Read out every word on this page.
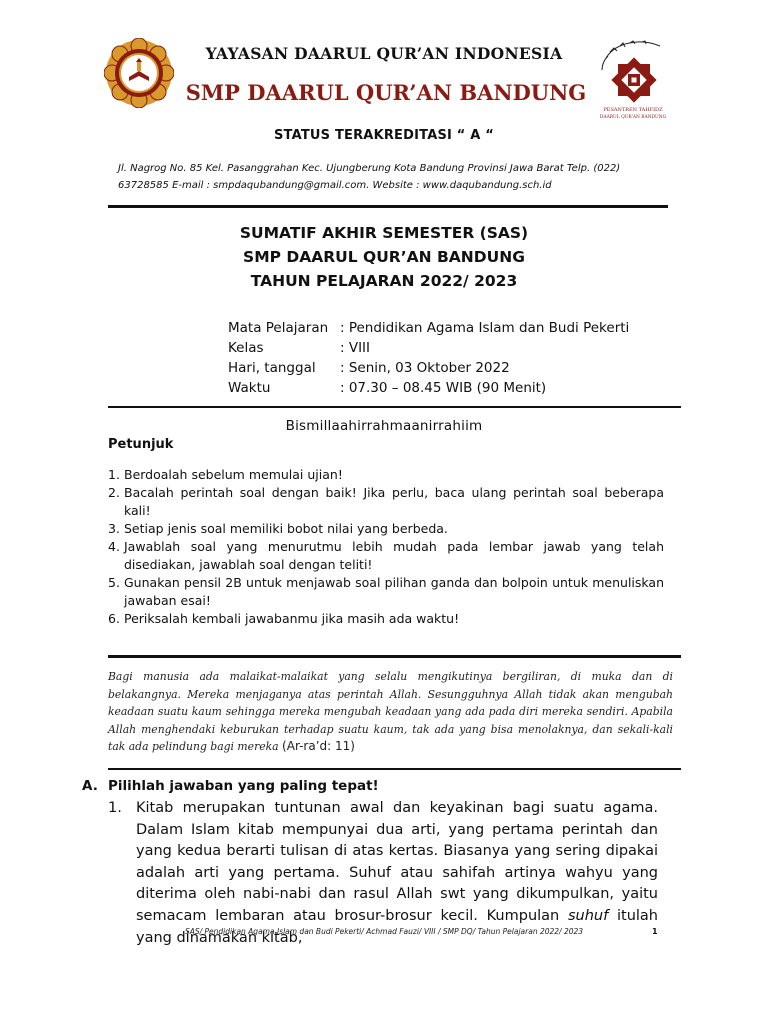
PESANTREN TAHFIDZ
DAARUL QUR'AN BANDUNG
YAYASAN DAARUL QUR’AN INDONESIA
SMP DAARUL QUR’AN BANDUNG
STATUS TERAKREDITASI “ A “
Jl. Nagrog No. 85 Kel. Pasanggrahan Kec. Ujungberung Kota Bandung Provinsi Jawa Barat Telp. (022)
63728585 E-mail : smpdaqubandung@gmail.com. Website : www.daqubandung.sch.id
SUMATIF AKHIR SEMESTER (SAS)
SMP DAARUL QUR’AN BANDUNG
TAHUN PELAJARAN 2022/ 2023
Mata Pelajaran : Pendidikan Agama Islam dan Budi Pekerti
Kelas	: VIII
Hari, tanggal	: Senin, 03 Oktober 2022
Waktu	: 07.30 – 08.45 WIB (90 Menit)
Bismillaahirrahmaanirrahiim
Petunjuk
1. Berdoalah sebelum memulai ujian!
2. Bacalah perintah soal dengan baik! Jika perlu, baca ulang perintah soal beberapa kali!
3. Setiap jenis soal memiliki bobot nilai yang berbeda.
4. Jawablah soal yang menurutmu lebih mudah pada lembar jawab yang telah disediakan, jawablah soal dengan teliti!
5. Gunakan pensil 2B untuk menjawab soal pilihan ganda dan bolpoin untuk menuliskan jawaban esai!
6. Periksalah kembali jawabanmu jika masih ada waktu!
Bagi manusia ada malaikat-malaikat yang selalu mengikutinya bergiliran, di muka dan di belakangnya. Mereka menjaganya atas perintah Allah. Sesungguhnya Allah tidak akan mengubah keadaan suatu kaum sehingga mereka mengubah keadaan yang ada pada diri mereka sendiri. Apabila Allah menghendaki keburukan terhadap suatu kaum, tak ada yang bisa menolaknya, dan sekali-kali tak ada pelindung bagi mereka (Ar-ra’d: 11)
A. Pilihlah jawaban yang paling tepat!
1. Kitab merupakan tuntunan awal dan keyakinan bagi suatu agama. Dalam Islam kitab mempunyai dua arti, yang pertama perintah dan yang kedua berarti tulisan di atas kertas. Biasanya yang sering dipakai adalah arti yang pertama. Suhuf atau sahifah artinya wahyu yang diterima oleh nabi-nabi dan rasul Allah swt yang dikumpulkan, yaitu semacam lembaran atau brosur-brosur kecil. Kumpulan suhuf itulah yang dinamakan kitab,
SAS/ Pendidikan Agama Islam dan Budi Pekerti/ Achmad Fauzi/ VIII / SMP DQ/ Tahun Pelajaran 2022/ 2023	1
